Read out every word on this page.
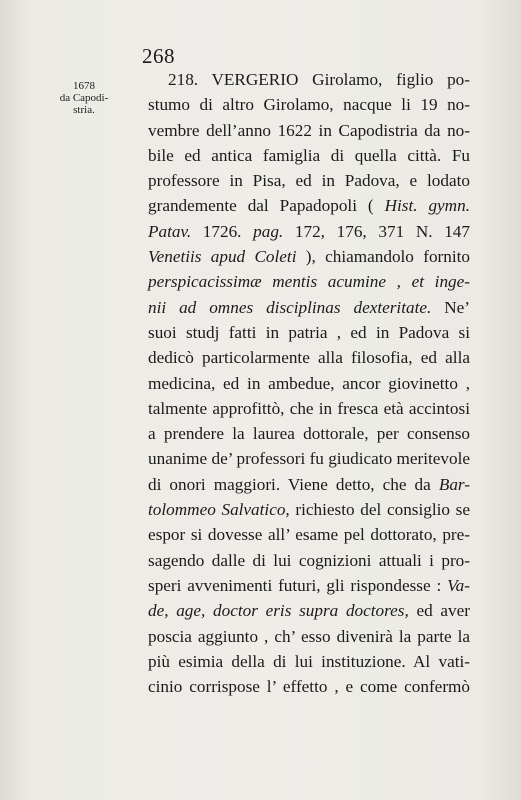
268
1678
da Capodi-
stria.
218. VERGERIO Girolamo, figlio po-
stumo di altro Girolamo, nacque li 19 no-
vembre dell’anno 1622 in Capodistria da no-
bile ed antica famiglia di quella città. Fu
professore in Pisa, ed in Padova, e lodato
grandemente dal Papadopoli ( Hist. gymn.
Patav. 1726. pag. 172, 176, 371 N. 147
Venetiis apud Coleti ), chiamandolo fornito
perspicacissimæ mentis acumine , et inge-
nii ad omnes disciplinas dexteritate. Ne’
suoi studj fatti in patria , ed in Padova si
dedicò particolarmente alla filosofia, ed alla
medicina, ed in ambedue, ancor giovinetto ,
talmente approfittò, che in fresca età accintosi
a prendere la laurea dottorale, per consenso
unanime de’ professori fu giudicato meritevole
di onori maggiori. Viene detto, che da Bar-
tolommeo Salvatico, richiesto del consiglio se
espor si dovesse all’ esame pel dottorato, pre-
sagendo dalle di lui cognizioni attuali i pro-
speri avvenimenti futuri, gli rispondesse : Va-
de, age, doctor eris supra doctores, ed aver
poscia aggiunto , ch’ esso divenirà la parte la
più esimia della di lui instituzione. Al vati-
cinio corrispose l’ effetto , e come confermò
